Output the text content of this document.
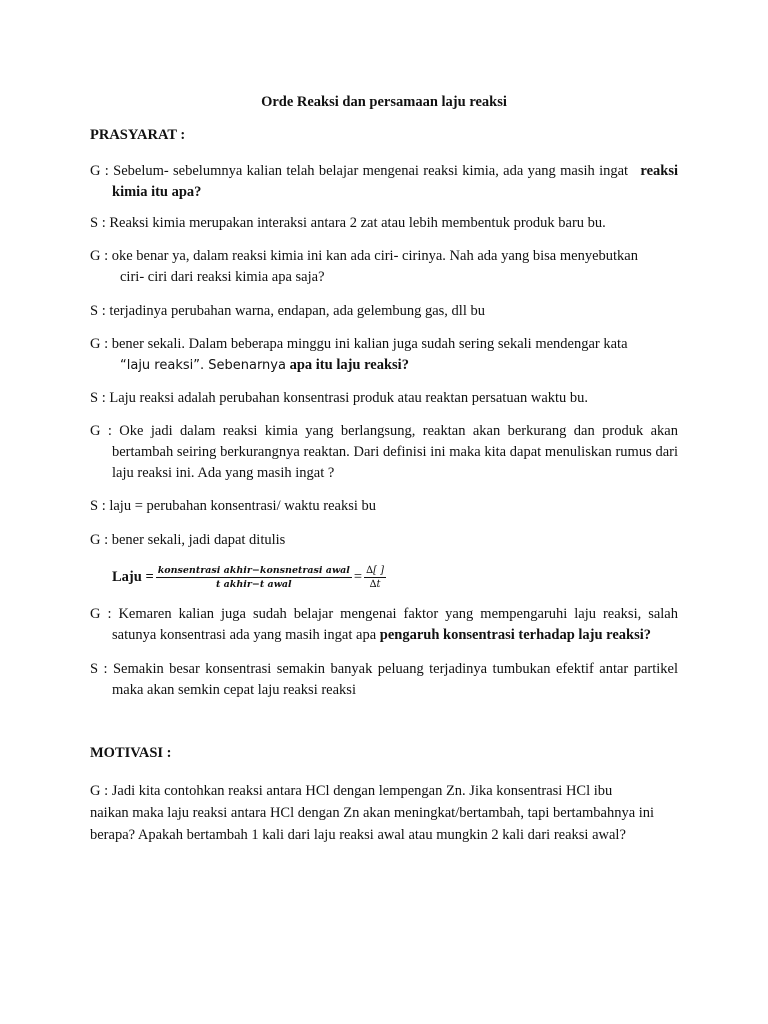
Orde Reaksi dan persamaan laju reaksi
PRASYARAT :
G : Sebelum- sebelumnya kalian telah belajar mengenai reaksi kimia, ada yang masih ingat reaksi kimia itu apa?
S : Reaksi kimia merupakan interaksi antara 2 zat atau lebih membentuk produk baru bu.
G : oke benar ya, dalam reaksi kimia ini kan ada ciri- cirinya. Nah ada yang bisa menyebutkan
ciri- ciri dari reaksi kimia apa saja?
S : terjadinya perubahan warna, endapan, ada gelembung gas, dll bu
G : bener sekali. Dalam beberapa minggu ini kalian juga sudah sering sekali mendengar kata
“laju reaksi”. Sebenarnya apa itu laju reaksi?
S : Laju reaksi adalah perubahan konsentrasi produk atau reaktan persatuan waktu bu.
G : Oke jadi dalam reaksi kimia yang berlangsung, reaktan akan berkurang dan produk akan bertambah seiring berkurangnya reaktan. Dari definisi ini maka kita dapat menuliskan rumus dari laju reaksi ini. Ada yang masih ingat ?
S : laju = perubahan konsentrasi/ waktu reaksi bu
G : bener sekali, jadi dapat ditulis
Laju = $\frac{\text{konsentrasi akhir−konsnetrasi awal}}{\text{t akhir−t awal}} = \frac{\Delta[ ]}{\Delta t}$
G : Kemaren kalian juga sudah belajar mengenai faktor yang mempengaruhi laju reaksi, salah satunya konsentrasi ada yang masih ingat apa pengaruh konsentrasi terhadap laju reaksi?
S : Semakin besar konsentrasi semakin banyak peluang terjadinya tumbukan efektif antar partikel maka akan semkin cepat laju reaksi reaksi
MOTIVASI :
G : Jadi kita contohkan reaksi antara HCl dengan lempengan Zn. Jika konsentrasi HCl ibu
naikan maka laju reaksi antara HCl dengan Zn akan meningkat/bertambah, tapi bertambahnya ini
berapa? Apakah bertambah 1 kali dari laju reaksi awal atau mungkin 2 kali dari reaksi awal?
